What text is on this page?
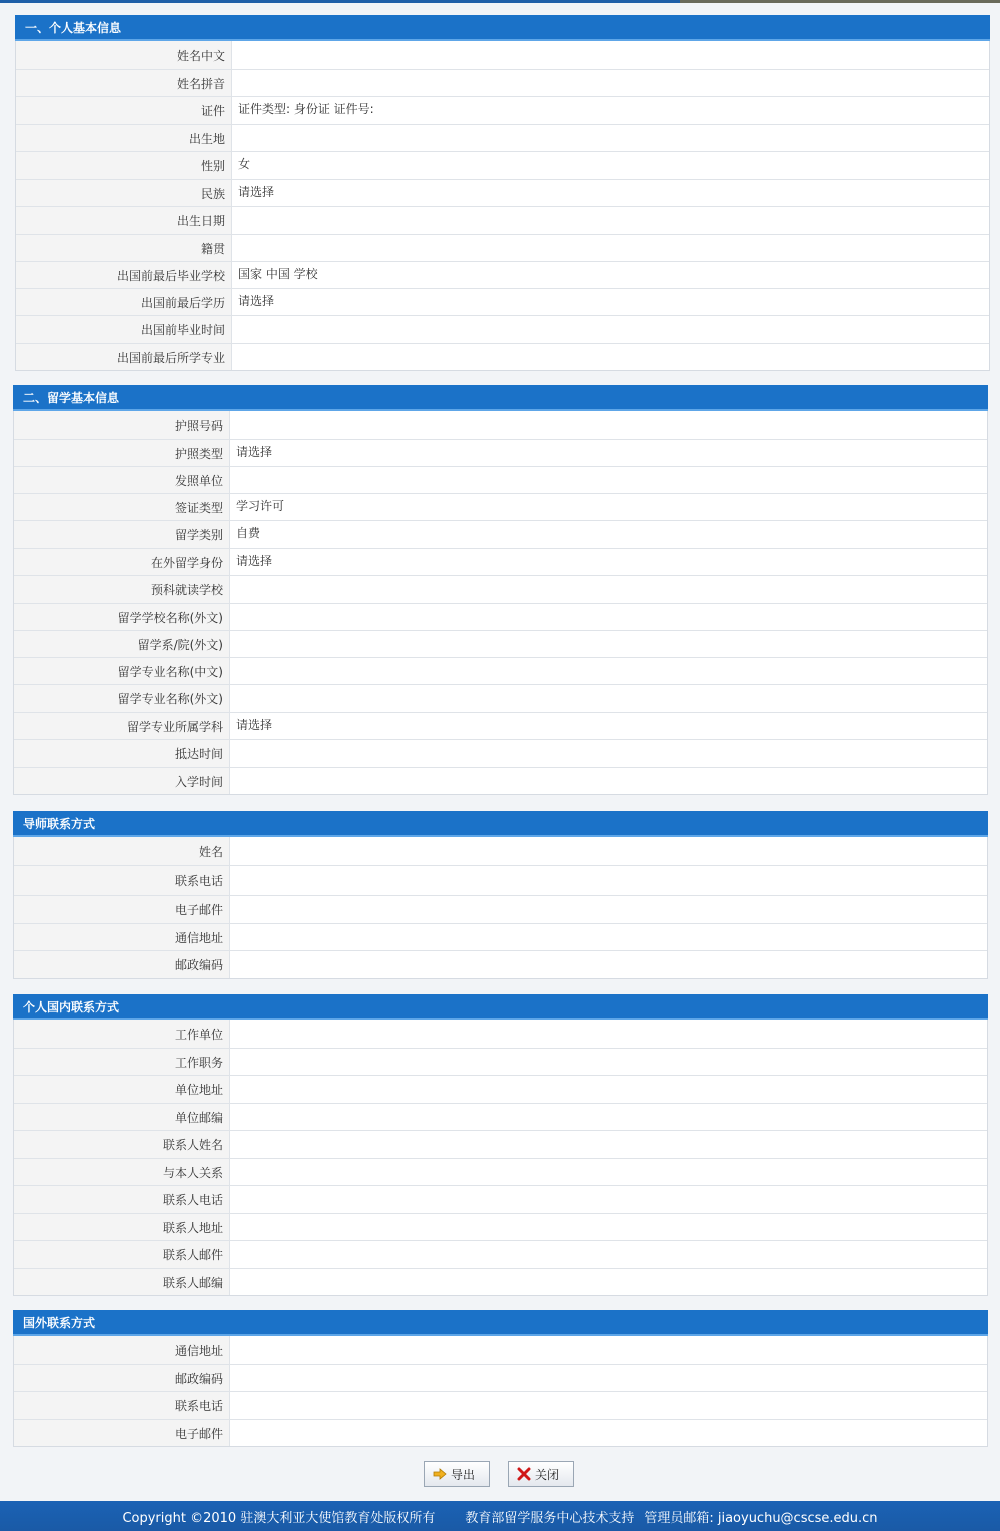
一、个人基本信息
姓名中文
姓名拼音
证件	证件类型: 身份证 证件号:
出生地
性别	女
民族	请选择
出生日期
籍贯
出国前最后毕业学校	国家 中国 学校
出国前最后学历	请选择
出国前毕业时间
出国前最后所学专业
二、留学基本信息
护照号码
护照类型	请选择
发照单位
签证类型	学习许可
留学类别	自费
在外留学身份	请选择
预科就读学校
留学学校名称(外文)
留学系/院(外文)
留学专业名称(中文)
留学专业名称(外文)
留学专业所属学科	请选择
抵达时间
入学时间
导师联系方式
姓名
联系电话
电子邮件
通信地址
邮政编码
个人国内联系方式
工作单位
工作职务
单位地址
单位邮编
联系人姓名
与本人关系
联系人电话
联系人地址
联系人邮件
联系人邮编
国外联系方式
通信地址
邮政编码
联系电话
电子邮件
导出	关闭
Copyright ©2010 驻澳大利亚大使馆教育处版权所有 教育部留学服务中心技术支持 管理员邮箱: jiaoyuchu@cscse.edu.cn
